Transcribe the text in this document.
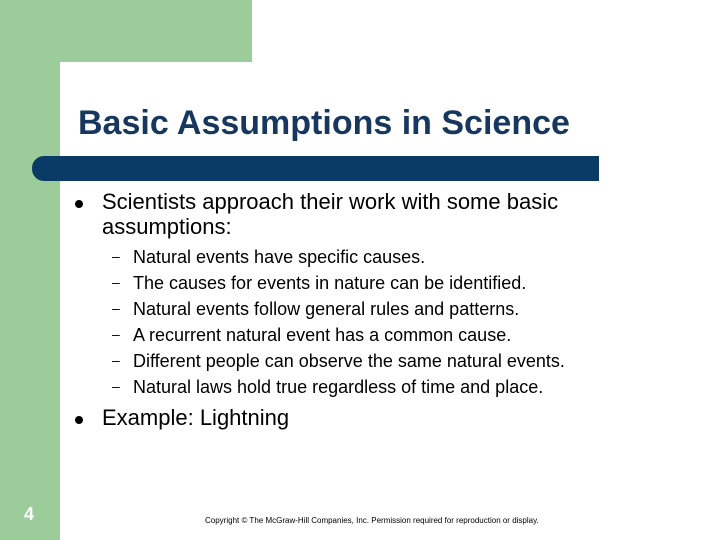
Basic Assumptions in Science
Scientists approach their work with some basic
assumptions:
– Natural events have specific causes.
– The causes for events in nature can be identified.
– Natural events follow general rules and patterns.
– A recurrent natural event has a common cause.
– Different people can observe the same natural events.
– Natural laws hold true regardless of time and place.
Example: Lightning
4	Copyright © The McGraw-Hill Companies, Inc. Permission required for reproduction or display.
